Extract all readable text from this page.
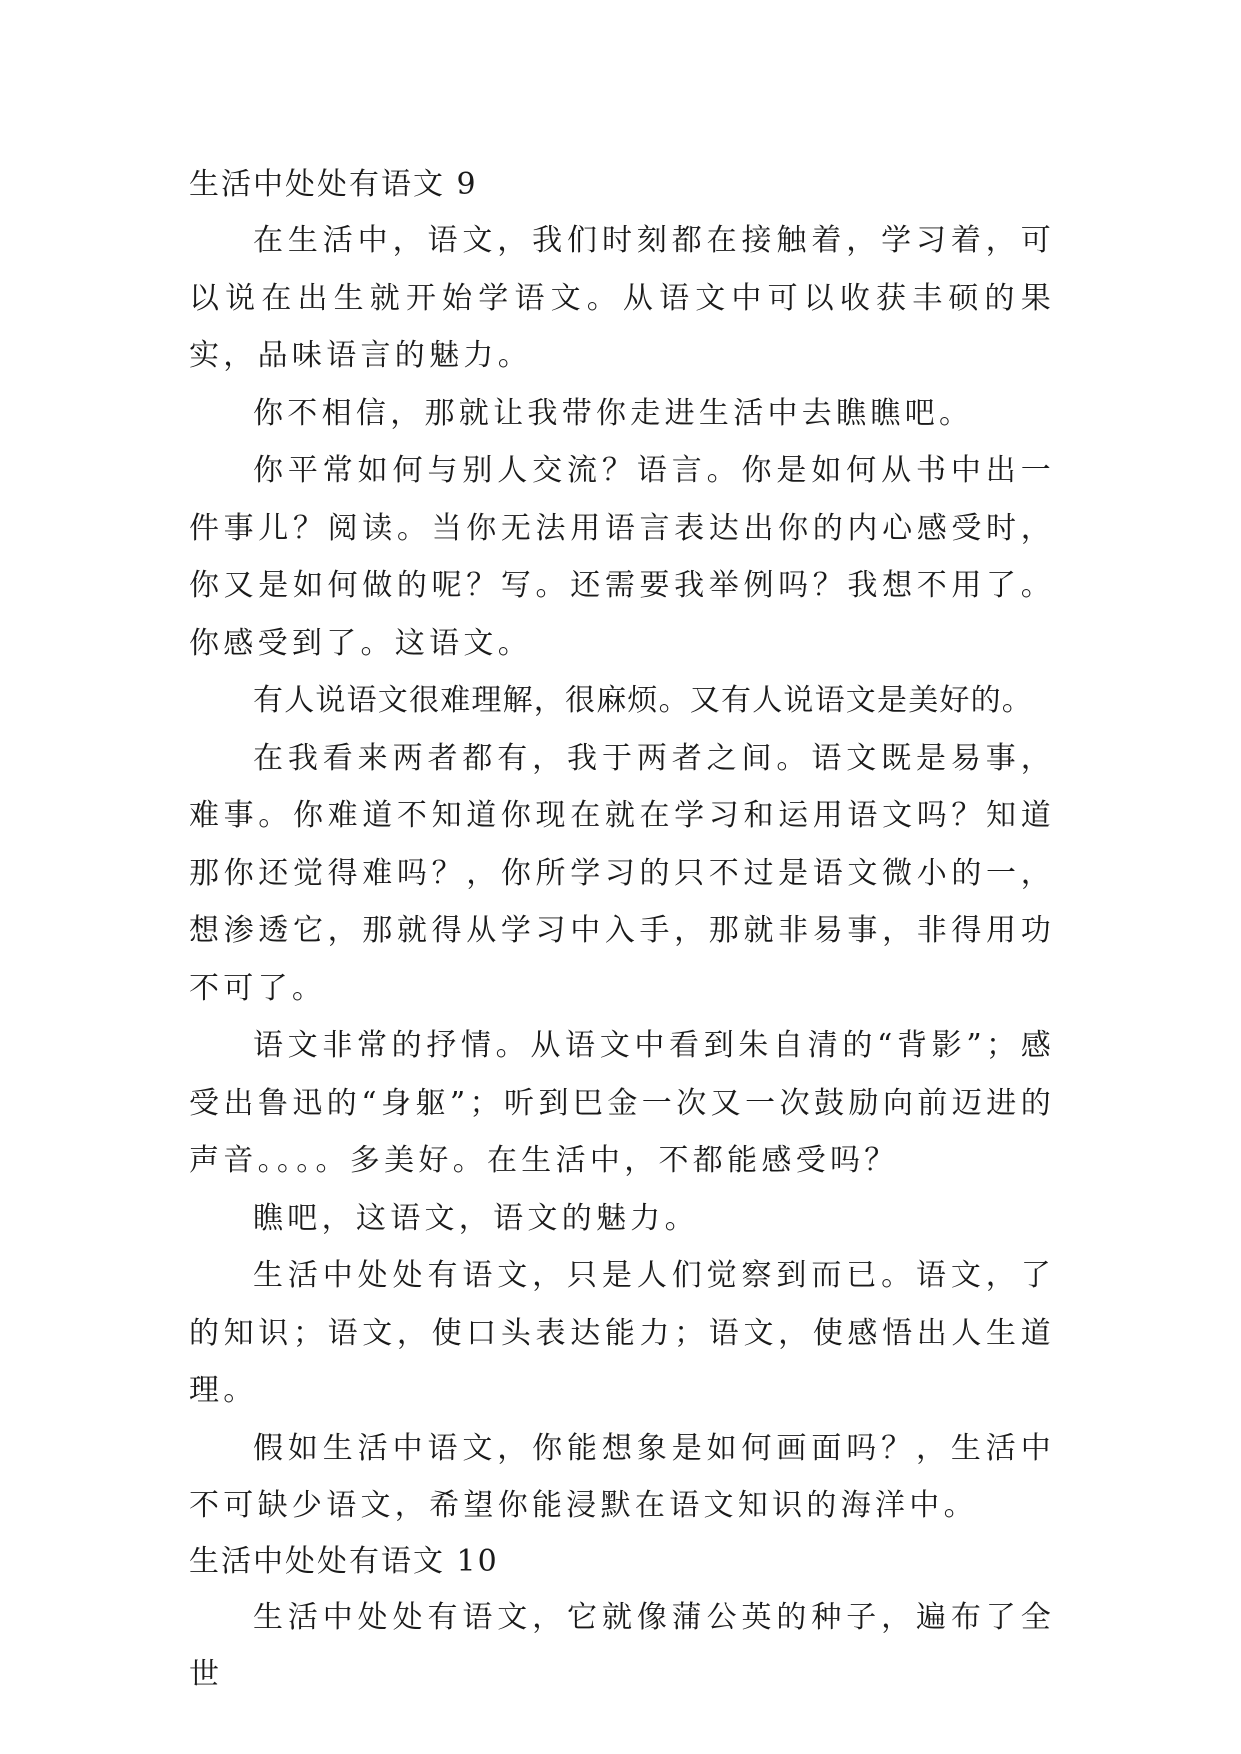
生活中处处有语文 9

在生活中，语文，我们时刻都在接触着，学习着，可以说在出生就开始学语文。从语文中可以收获丰硕的果实，品味语言的魅力。

你不相信，那就让我带你走进生活中去瞧瞧吧。

你平常如何与别人交流？语言。你是如何从书中出一件事儿？阅读。当你无法用语言表达出你的内心感受时，你又是如何做的呢？写。还需要我举例吗？我想不用了。你感受到了。这语文。

有人说语文很难理解，很麻烦。又有人说语文是美好的。

在我看来两者都有，我于两者之间。语文既是易事，难事。你难道不知道你现在就在学习和运用语文吗？知道那你还觉得难吗？，你所学习的只不过是语文微小的一，想渗透它，那就得从学习中入手，那就非易事，非得用功不可了。

语文非常的抒情。从语文中看到朱自清的“背影”；感受出鲁迅的“身躯”；听到巴金一次又一次鼓励向前迈进的声音。。。。多美好。在生活中，不都能感受吗？

瞧吧，这语文，语文的魅力。

生活中处处有语文，只是人们觉察到而已。语文，了的知识；语文，使口头表达能力；语文，使感悟出人生道理。

假如生活中语文，你能想象是如何画面吗？，生活中不可缺少语文，希望你能浸默在语文知识的海洋中。

生活中处处有语文 10

生活中处处有语文，它就像蒲公英的种子，遍布了全世
